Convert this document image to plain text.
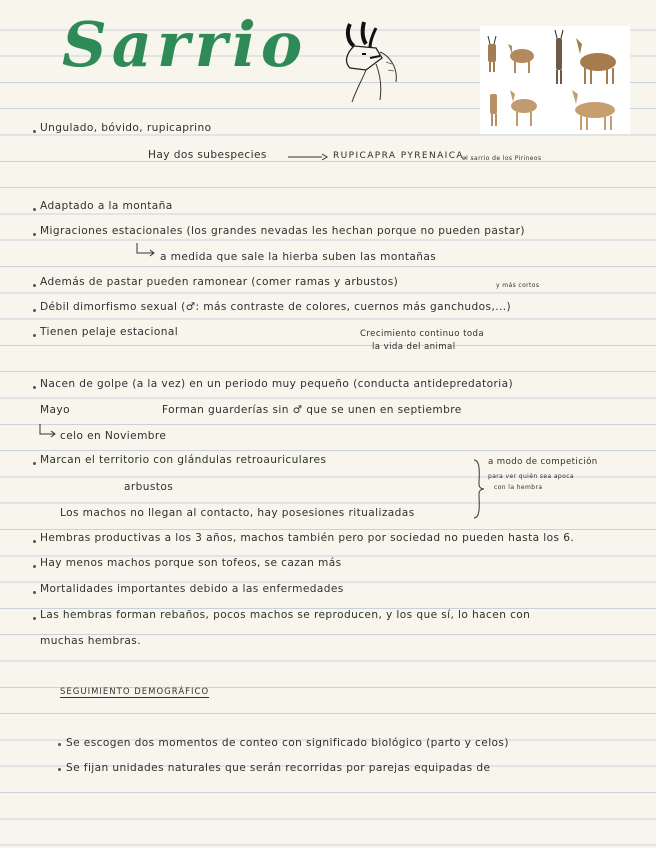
Sarrio
Ungulado, bóvido, rupicaprino
Hay dos subespecies	RUPICAPRA PYRENAICA,
el sarrio de los Pirineos
Adaptado a la montaña
Migraciones estacionales (los grandes nevadas les hechan porque no pueden pastar)
a medida que sale la hierba suben las montañas
Además de pastar pueden ramonear (comer ramas y arbustos)	y más cortos
Débil dimorfismo sexual (♂: más contraste de colores, cuernos más ganchudos,...)
Tienen pelaje estacional	Crecimiento continuo toda
la vida del animal
Nacen de golpe (a la vez) en un periodo muy pequeño (conducta antidepredatoria)
Mayo	Forman guarderías sin ♂ que se unen en septiembre
celo en Noviembre
Marcan el territorio con glándulas retroauriculares	a modo de competición
arbustos
para ver quién sea apoca
con la hembra
Los machos no llegan al contacto, hay posesiones ritualizadas
Hembras productivas a los 3 años, machos también pero por sociedad no pueden hasta los 6.
Hay menos machos porque son tofeos, se cazan más
Mortalidades importantes debido a las enfermedades
Las hembras forman rebaños, pocos machos se reproducen, y los que sí, lo hacen con
muchas hembras.
SEGUIMIENTO DEMOGRÁFICO
Se escogen dos momentos de conteo con significado biológico (parto y celos)
Se fijan unidades naturales que serán recorridas por parejas equipadas de
